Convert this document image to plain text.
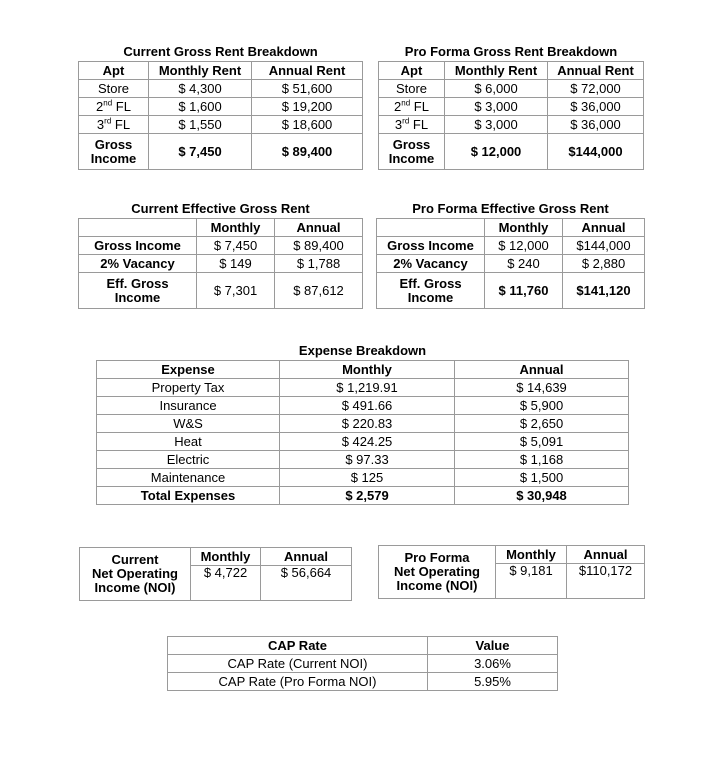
Current Gross Rent Breakdown
Apt	Monthly Rent	Annual Rent
Store	$ 4,300	$ 51,600
2nd FL	$ 1,600	$ 19,200
3rd FL	$ 1,550	$ 18,600
Gross
Income	$ 7,450	$ 89,400
Pro Forma Gross Rent Breakdown
Apt	Monthly Rent	Annual Rent
Store	$ 6,000	$ 72,000
2nd FL	$ 3,000	$ 36,000
3rd FL	$ 3,000	$ 36,000
Gross
Income	$ 12,000	$144,000
Current Effective Gross Rent
	Monthly	Annual
Gross Income	$ 7,450	$ 89,400
2% Vacancy	$ 149	$ 1,788
Eff. Gross
Income	$ 7,301	$ 87,612
Pro Forma Effective Gross Rent
	Monthly	Annual
Gross Income	$ 12,000	$144,000
2% Vacancy	$ 240	$ 2,880
Eff. Gross
Income	$ 11,760	$141,120
Expense Breakdown
Expense	Monthly	Annual
Property Tax	$ 1,219.91	$ 14,639
Insurance	$ 491.66	$ 5,900
W&S	$ 220.83	$ 2,650
Heat	$ 424.25	$ 5,091
Electric	$ 97.33	$ 1,168
Maintenance	$ 125	$ 1,500
Total Expenses	$ 2,579	$ 30,948
Current
Net Operating
Income (NOI)	Monthly	Annual
	$ 4,722	$ 56,664
Pro Forma
Net Operating
Income (NOI)	Monthly	Annual
	$ 9,181	$110,172
CAP Rate	Value
CAP Rate (Current NOI)	3.06%
CAP Rate (Pro Forma NOI)	5.95%
